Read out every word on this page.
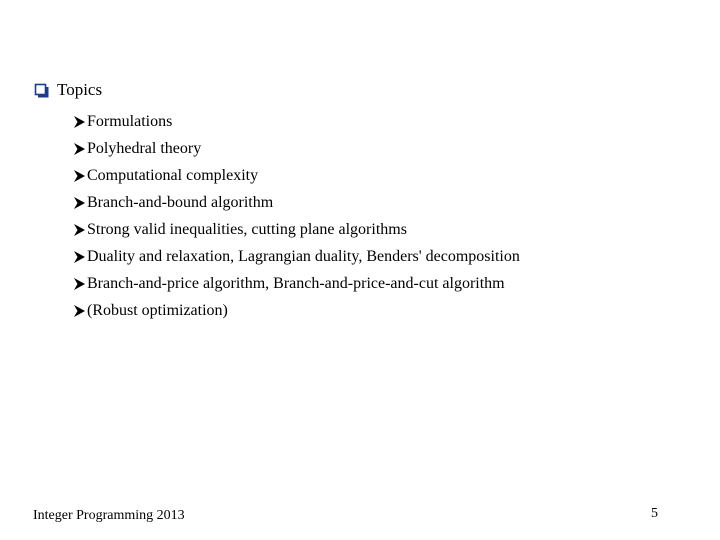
Topics
Formulations
Polyhedral theory
Computational complexity
Branch-and-bound algorithm
Strong valid inequalities, cutting plane algorithms
Duality and relaxation, Lagrangian duality, Benders' decomposition
Branch-and-price algorithm, Branch-and-price-and-cut algorithm
(Robust optimization)
Integer Programming 2013	5
